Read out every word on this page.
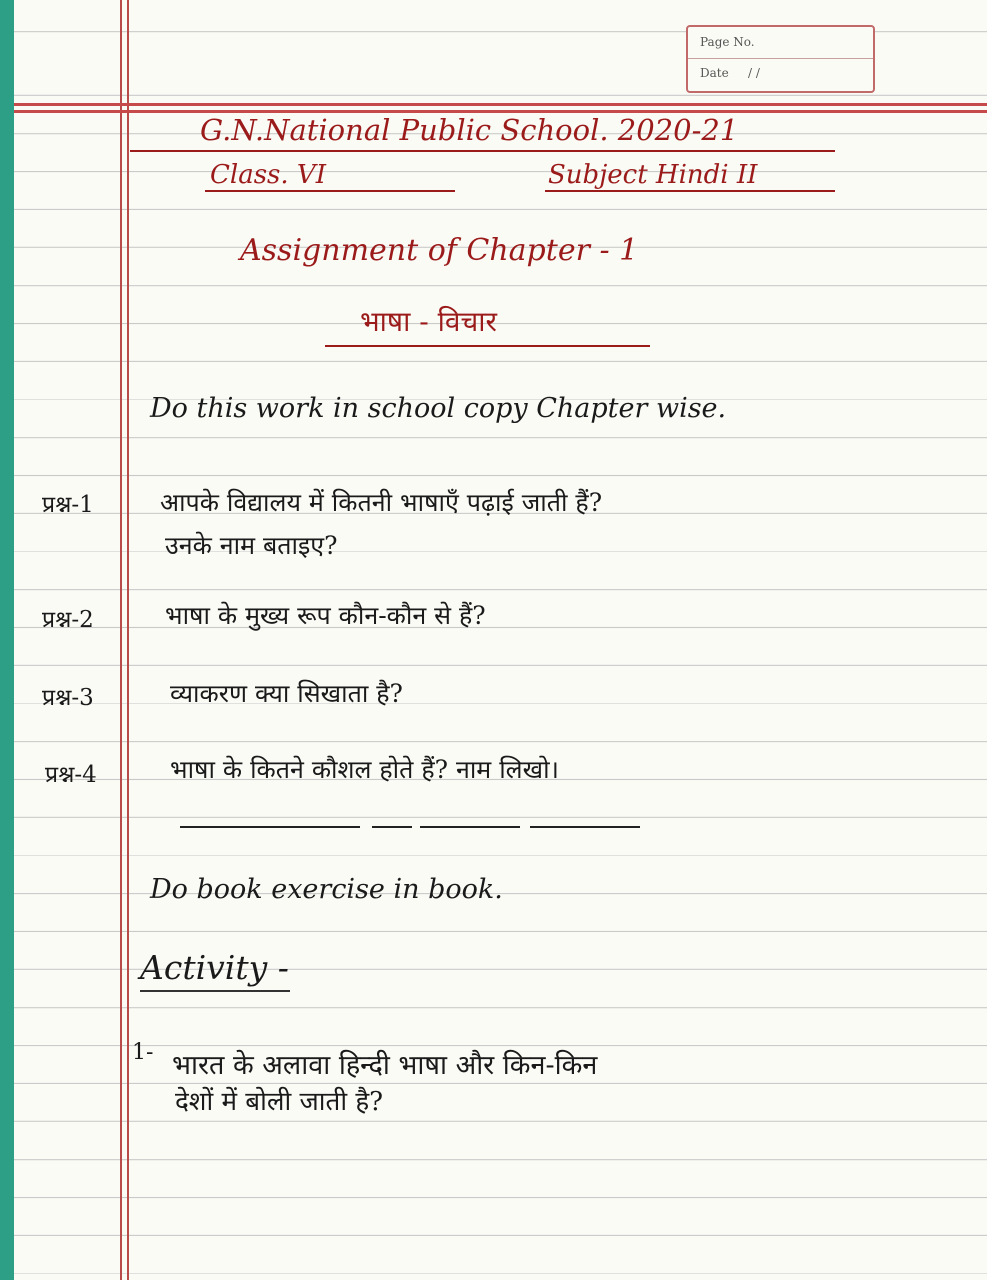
Page No.
Date / /
G.N.National Public School. 2020-21
Class. VI	Subject Hindi II
Assignment of Chapter - 1
भाषा - विचार
Do this work in school copy Chapter wise.
प्रश्न-1	आपके विद्यालय में कितनी भाषाएँ पढ़ाई जाती हैं?
उनके नाम बताइए?
प्रश्न-2	भाषा के मुख्य रूप कौन-कौन से हैं?
प्रश्न-3	व्याकरण क्या सिखाता है?
प्रश्न-4	भाषा के कितने कौशल होते हैं? नाम लिखो।
Do book exercise in book.
Activity -
1- भारत के अलावा हिन्दी भाषा और किन-किन
देशों में बोली जाती है?
